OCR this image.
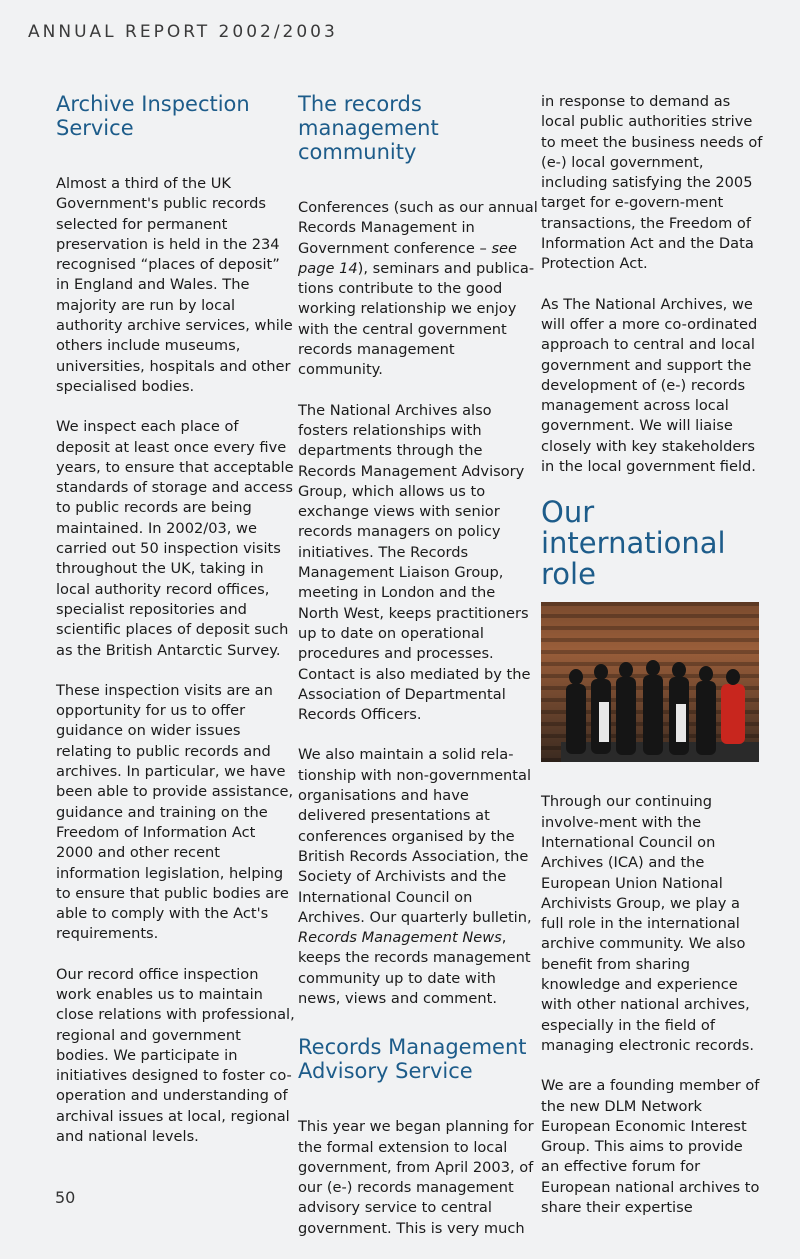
ANNUAL REPORT 2002/2003
Archive Inspection Service

Almost a third of the UK Government's public records selected for permanent preservation is held in the 234 recognised “places of deposit” in England and Wales. The majority are run by local authority archive services, while others include museums, universities, hospitals and other specialised bodies.

We inspect each place of deposit at least once every five years, to ensure that acceptable standards of storage and access to public records are being maintained. In 2002/03, we carried out 50 inspection visits throughout the UK, taking in local authority record offices, specialist repositories and scientific places of deposit such as the British Antarctic Survey.

These inspection visits are an opportunity for us to offer guidance on wider issues relating to public records and archives. In particular, we have been able to provide assistance, guidance and training on the Freedom of Information Act 2000 and other recent information legislation, helping to ensure that public bodies are able to comply with the Act's requirements.

Our record office inspection work enables us to maintain close relations with professional, regional and government bodies. We participate in initiatives designed to foster co-operation and understanding of archival issues at local, regional and national levels.

The records management community

Conferences (such as our annual Records Management in Government conference – see page 14), seminars and publica-tions contribute to the good working relationship we enjoy with the central government records management community.

The National Archives also fosters relationships with departments through the Records Management Advisory Group, which allows us to exchange views with senior records managers on policy initiatives. The Records Management Liaison Group, meeting in London and the North West, keeps practitioners up to date on operational procedures and processes. Contact is also mediated by the Association of Departmental Records Officers.

We also maintain a solid rela-tionship with non-governmental organisations and have delivered presentations at conferences organised by the British Records Association, the Society of Archivists and the International Council on Archives. Our quarterly bulletin, Records Management News, keeps the records management community up to date with news, views and comment.

Records Management Advisory Service

This year we began planning for the formal extension to local government, from April 2003, of our (e-) records management advisory service to central government. This is very much

in response to demand as local public authorities strive to meet the business needs of (e-) local government, including satisfying the 2005 target for e-govern-ment transactions, the Freedom of Information Act and the Data Protection Act.

As The National Archives, we will offer a more co-ordinated approach to central and local government and support the development of (e-) records management across local government. We will liaise closely with key stakeholders in the local government field.

Our international role

Through our continuing involve-ment with the International Council on Archives (ICA) and the European Union National Archivists Group, we play a full role in the international archive community. We also benefit from sharing knowledge and experience with other national archives, especially in the field of managing electronic records.

We are a founding member of the new DLM Network European Economic Interest Group. This aims to provide an effective forum for European national archives to share their expertise

50
